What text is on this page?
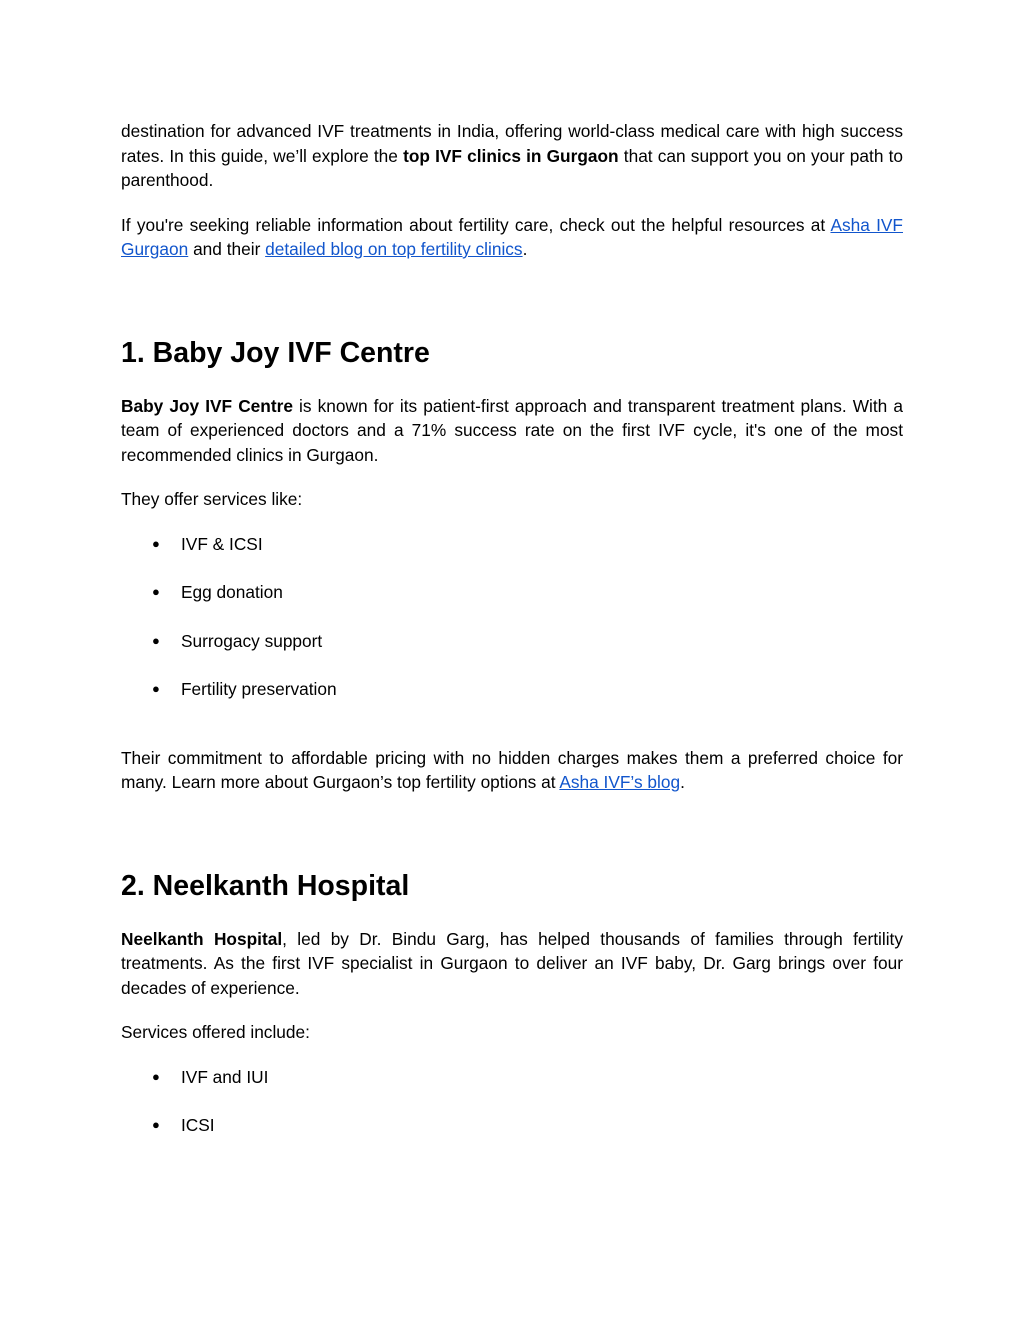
destination for advanced IVF treatments in India, offering world-class medical care with high success rates. In this guide, we’ll explore the top IVF clinics in Gurgaon that can support you on your path to parenthood.

If you're seeking reliable information about fertility care, check out the helpful resources at Asha IVF Gurgaon and their detailed blog on top fertility clinics.

1. Baby Joy IVF Centre

Baby Joy IVF Centre is known for its patient-first approach and transparent treatment plans. With a team of experienced doctors and a 71% success rate on the first IVF cycle, it's one of the most recommended clinics in Gurgaon.

They offer services like:

● IVF & ICSI
● Egg donation
● Surrogacy support
● Fertility preservation

Their commitment to affordable pricing with no hidden charges makes them a preferred choice for many. Learn more about Gurgaon’s top fertility options at Asha IVF’s blog.

2. Neelkanth Hospital

Neelkanth Hospital, led by Dr. Bindu Garg, has helped thousands of families through fertility treatments. As the first IVF specialist in Gurgaon to deliver an IVF baby, Dr. Garg brings over four decades of experience.

Services offered include:

● IVF and IUI
● ICSI
